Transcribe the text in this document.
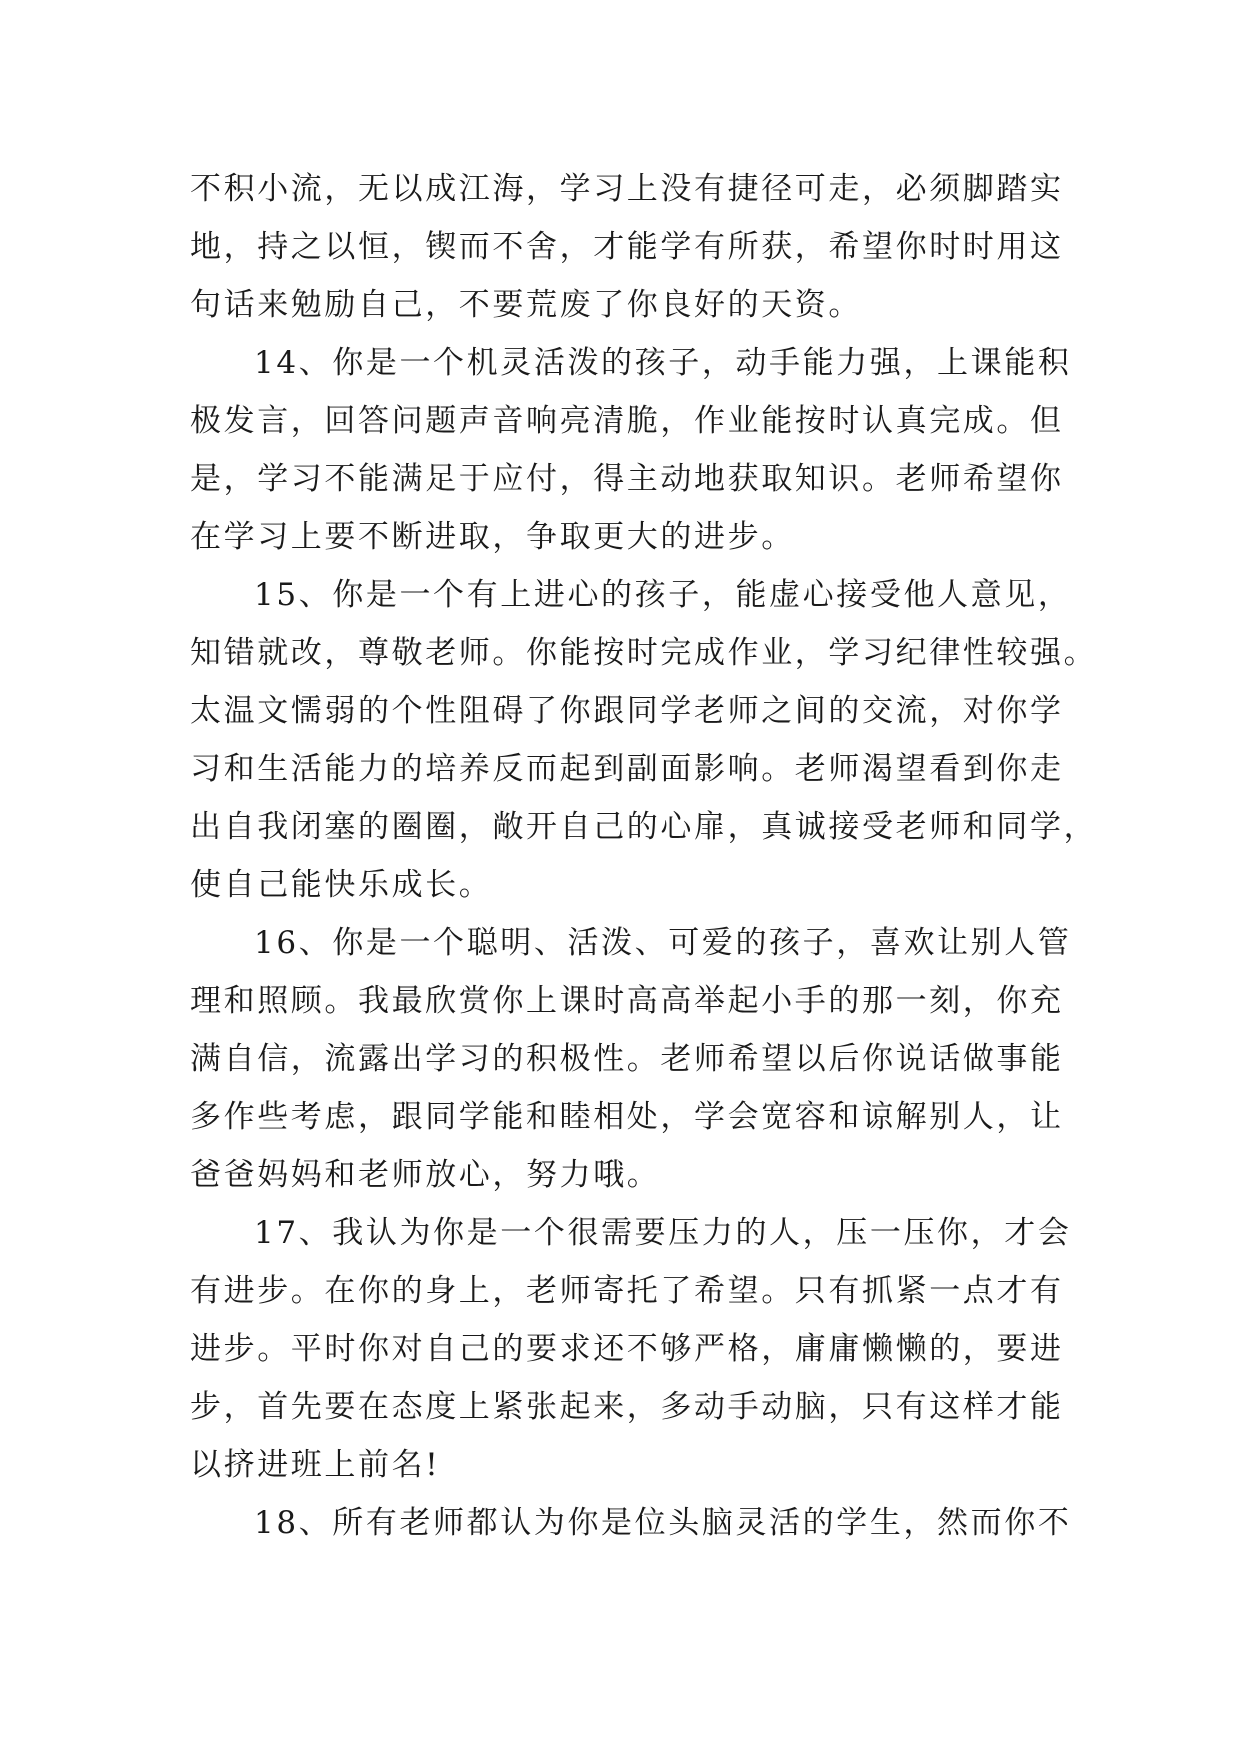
不积小流，无以成江海，学习上没有捷径可走，必须脚踏实
地，持之以恒，锲而不舍，才能学有所获，希望你时时用这
句话来勉励自己，不要荒废了你良好的天资。
14、你是一个机灵活泼的孩子，动手能力强，上课能积
极发言，回答问题声音响亮清脆，作业能按时认真完成。但
是，学习不能满足于应付，得主动地获取知识。老师希望你
在学习上要不断进取，争取更大的进步。
15、你是一个有上进心的孩子，能虚心接受他人意见，
知错就改，尊敬老师。你能按时完成作业，学习纪律性较强。
太温文懦弱的个性阻碍了你跟同学老师之间的交流，对你学
习和生活能力的培养反而起到副面影响。老师渴望看到你走
出自我闭塞的圈圈，敞开自己的心扉，真诚接受老师和同学，
使自己能快乐成长。
16、你是一个聪明、活泼、可爱的孩子，喜欢让别人管
理和照顾。我最欣赏你上课时高高举起小手的那一刻，你充
满自信，流露出学习的积极性。老师希望以后你说话做事能
多作些考虑，跟同学能和睦相处，学会宽容和谅解别人，让
爸爸妈妈和老师放心，努力哦。
17、我认为你是一个很需要压力的人，压一压你，才会
有进步。在你的身上，老师寄托了希望。只有抓紧一点才有
进步。平时你对自己的要求还不够严格，庸庸懒懒的，要进
步，首先要在态度上紧张起来，多动手动脑，只有这样才能
以挤进班上前名!
18、所有老师都认为你是位头脑灵活的学生，然而你不
